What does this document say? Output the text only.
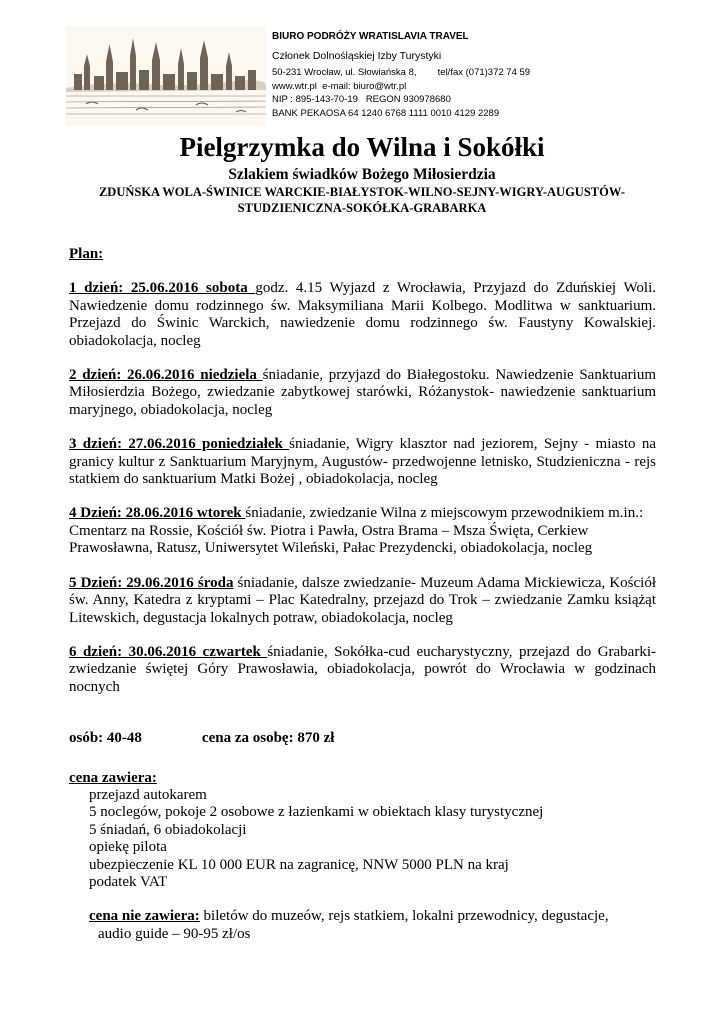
BIURO PODRÓŻY WRATISLAVIA TRAVEL
Członek Dolnośląskiej Izby Turystyki
50-231 Wrocław, ul. Słowiańska 8, tel/fax (071)372 74 59
www.wtr.pl  e-mail: biuro@wtr.pl
NIP : 895-143-70-19   REGON 930978680
BANK PEKAOSA 64 1240 6768 1111 0010 4129 2289
Pielgrzymka do Wilna i Sokółki
Szlakiem świadków Bożego Miłosierdzia
ZDUŃSKA WOLA-ŚWINICE WARCKIE-BIAŁYSTOK-WILNO-SEJNY-WIGRY-AUGUSTÓW-STUDZIENICZNA-SOKÓŁKA-GRABARKA

Plan:

1 dzień: 25.06.2016 sobota godz. 4.15 Wyjazd z Wrocławia, Przyjazd do Zduńskiej Woli. Nawiedzenie domu rodzinnego św. Maksymiliana Marii Kolbego. Modlitwa w sanktuarium. Przejazd do Świnic Warckich, nawiedzenie domu rodzinnego św. Faustyny Kowalskiej. obiadokolacja, nocleg

2 dzień: 26.06.2016 niedziela śniadanie, przyjazd do Białegostoku. Nawiedzenie Sanktuarium Miłosierdzia Bożego, zwiedzanie zabytkowej starówki, Różanystok- nawiedzenie sanktuarium maryjnego, obiadokolacja, nocleg

3 dzień: 27.06.2016 poniedziałek śniadanie, Wigry klasztor nad jeziorem, Sejny - miasto na granicy kultur z Sanktuarium Maryjnym, Augustów- przedwojenne letnisko, Studzieniczna - rejs statkiem do sanktuarium Matki Bożej , obiadokolacja, nocleg

4 Dzień: 28.06.2016 wtorek śniadanie, zwiedzanie Wilna z miejscowym przewodnikiem m.in.: Cmentarz na Rossie, Kościół św. Piotra i Pawła, Ostra Brama – Msza Święta, Cerkiew Prawosławna, Ratusz, Uniwersytet Wileński, Pałac Prezydencki, obiadokolacja, nocleg

5 Dzień: 29.06.2016 środa śniadanie, dalsze zwiedzanie- Muzeum Adama Mickiewicza, Kościół św. Anny, Katedra z kryptami – Plac Katedralny, przejazd do Trok – zwiedzanie Zamku książąt Litewskich, degustacja lokalnych potraw, obiadokolacja, nocleg

6 dzień: 30.06.2016 czwartek śniadanie, Sokółka-cud eucharystyczny, przejazd do Grabarki- zwiedzanie świętej Góry Prawosławia, obiadokolacja, powrót do Wrocławia w godzinach nocnych

osób: 40-48	cena za osobę: 870 zł
cena zawiera:
przejazd autokarem
5 noclegów, pokoje 2 osobowe z łazienkami w obiektach klasy turystycznej
5 śniadań, 6 obiadokolacji
opiekę pilota
ubezpieczenie KL 10 000 EUR na zagranicę, NNW 5000 PLN na kraj
podatek VAT
cena nie zawiera: biletów do muzeów, rejs statkiem, lokalni przewodnicy, degustacje,
audio guide – 90-95 zł/os
